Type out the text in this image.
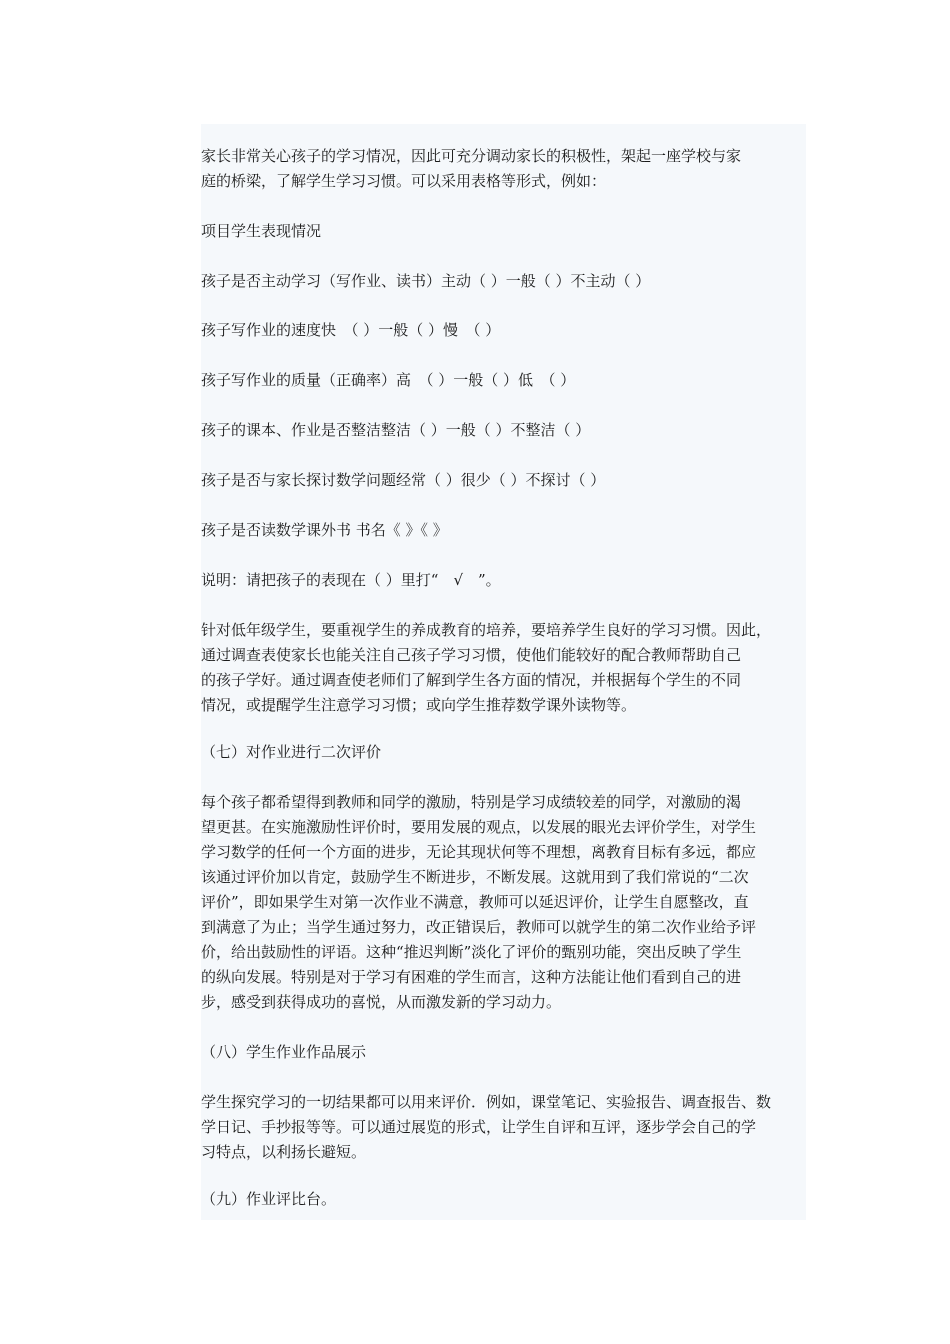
家长非常关心孩子的学习情况，因此可充分调动家长的积极性，架起一座学校与家

庭的桥梁，了解学生学习习惯。可以采用表格等形式，例如：

项目学生表现情况

孩子是否主动学习（写作业、读书）主动（ ）一般（ ）不主动（ ）

孩子写作业的速度快　（ ）一般（ ）慢　（ ）

孩子写作业的质量（正确率）高　（ ）一般（ ）低　（ ）

孩子的课本、作业是否整洁整洁（ ）一般（ ）不整洁（ ）

孩子是否与家长探讨数学问题经常（ ）很少（ ）不探讨（ ）

孩子是否读数学课外书 书名《 》《 》

说明：请把孩子的表现在（ ）里打“　√　”。

针对低年级学生，要重视学生的养成教育的培养，要培养学生良好的学习习惯。因此，

通过调查表使家长也能关注自己孩子学习习惯，使他们能较好的配合教师帮助自己

的孩子学好。通过调查使老师们了解到学生各方面的情况，并根据每个学生的不同

情况，或提醒学生注意学习习惯；或向学生推荐数学课外读物等。

（七）对作业进行二次评价

每个孩子都希望得到教师和同学的激励，特别是学习成绩较差的同学，对激励的渴

望更甚。在实施激励性评价时，要用发展的观点，以发展的眼光去评价学生，对学生

学习数学的任何一个方面的进步，无论其现状何等不理想，离教育目标有多远，都应

该通过评价加以肯定，鼓励学生不断进步，不断发展。这就用到了我们常说的“二次

评价”，即如果学生对第一次作业不满意，教师可以延迟评价，让学生自愿整改，直

到满意了为止；当学生通过努力，改正错误后，教师可以就学生的第二次作业给予评

价，给出鼓励性的评语。这种“推迟判断”淡化了评价的甄别功能，突出反映了学生

的纵向发展。特别是对于学习有困难的学生而言，这种方法能让他们看到自己的进

步，感受到获得成功的喜悦，从而激发新的学习动力。

（八）学生作业作品展示

学生探究学习的一切结果都可以用来评价．例如，课堂笔记、实验报告、调查报告、数

学日记、手抄报等等。可以通过展览的形式，让学生自评和互评，逐步学会自己的学

习特点，以利扬长避短。

（九）作业评比台。
